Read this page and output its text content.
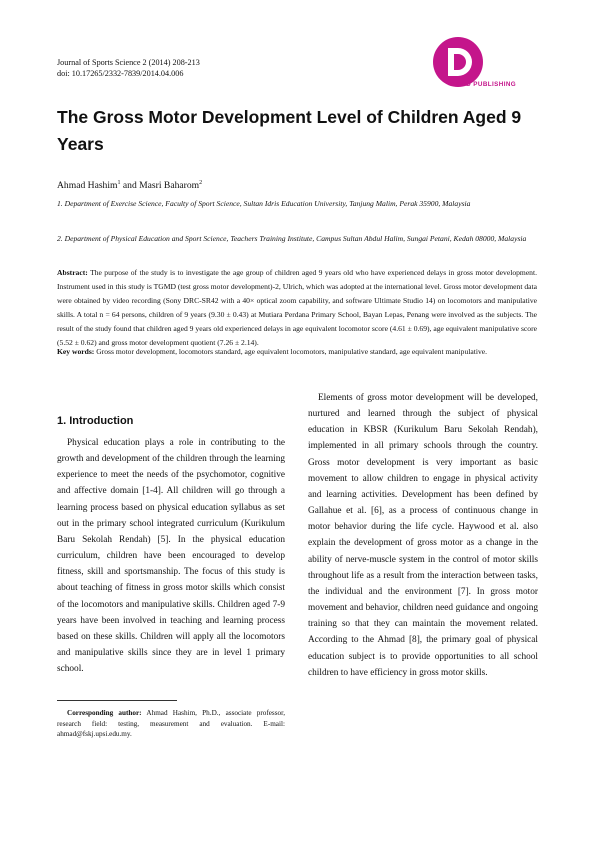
Journal of Sports Science 2 (2014) 208-213
doi: 10.17265/2332-7839/2014.04.006
DAVID PUBLISHING
The Gross Motor Development Level of Children Aged 9 Years
Ahmad Hashim$^1$ and Masri Baharom$^2$
1. Department of Exercise Science, Faculty of Sport Science, Sultan Idris Education University, Tanjung Malim, Perak 35900, Malaysia
2. Department of Physical Education and Sport Science, Teachers Training Institute, Campus Sultan Abdul Halim, Sungai Petani, Kedah 08000, Malaysia
Abstract: The purpose of the study is to investigate the age group of children aged 9 years old who have experienced delays in gross motor development. Instrument used in this study is TGMD (test gross motor development)-2, Ulrich, which was adopted at the international level. Gross motor development data were obtained by video recording (Sony DRC-SR42 with a 40× optical zoom capability, and software Ultimate Studio 14) on locomotors and manipulative skills. A total n = 64 persons, children of 9 years (9.30 ± 0.43) at Mutiara Perdana Primary School, Bayan Lepas, Penang were involved as the subjects. The result of the study found that children aged 9 years old experienced delays in age equivalent locomotor score (4.61 ± 0.69), age equivalent manipulative score (5.52 ± 0.62) and gross motor development quotient (7.26 ± 2.14).
Key words: Gross motor development, locomotors standard, age equivalent locomotors, manipulative standard, age equivalent manipulative.
1. Introduction
Physical education plays a role in contributing to the growth and development of the children through the learning experience to meet the needs of the psychomotor, cognitive and affective domain [1-4]. All children will go through a learning process based on physical education syllabus as set out in the primary school integrated curriculum (Kurikulum Baru Sekolah Rendah) [5]. In the physical education curriculum, children have been encouraged to develop fitness, skill and sportsmanship. The focus of this study is about teaching of fitness in gross motor skills which consist of the locomotors and manipulative skills. Children aged 7-9 years have been involved in teaching and learning process based on these skills. Children will apply all the locomotors and manipulative skills since they are in level 1 primary school.
Elements of gross motor development will be developed, nurtured and learned through the subject of physical education in KBSR (Kurikulum Baru Sekolah Rendah), implemented in all primary schools through the country. Gross motor development is very important as basic movement to allow children to engage in physical activity and learning activities. Development has been defined by Gallahue et al. [6], as a process of continuous change in motor behavior during the life cycle. Haywood et al. also explain the development of gross motor as a change in the ability of nerve-muscle system in the control of motor skills throughout life as a result from the interaction between tasks, the individual and the environment [7]. In gross motor movement and behavior, children need guidance and ongoing training so that they can maintain the movement related. According to the Ahmad [8], the primary goal of physical education subject is to provide opportunities to all school children to have efficiency in gross motor skills.
Corresponding author: Ahmad Hashim, Ph.D., associate professor, research field: testing, measurement and evaluation. E-mail: ahmad@fskj.upsi.edu.my.
